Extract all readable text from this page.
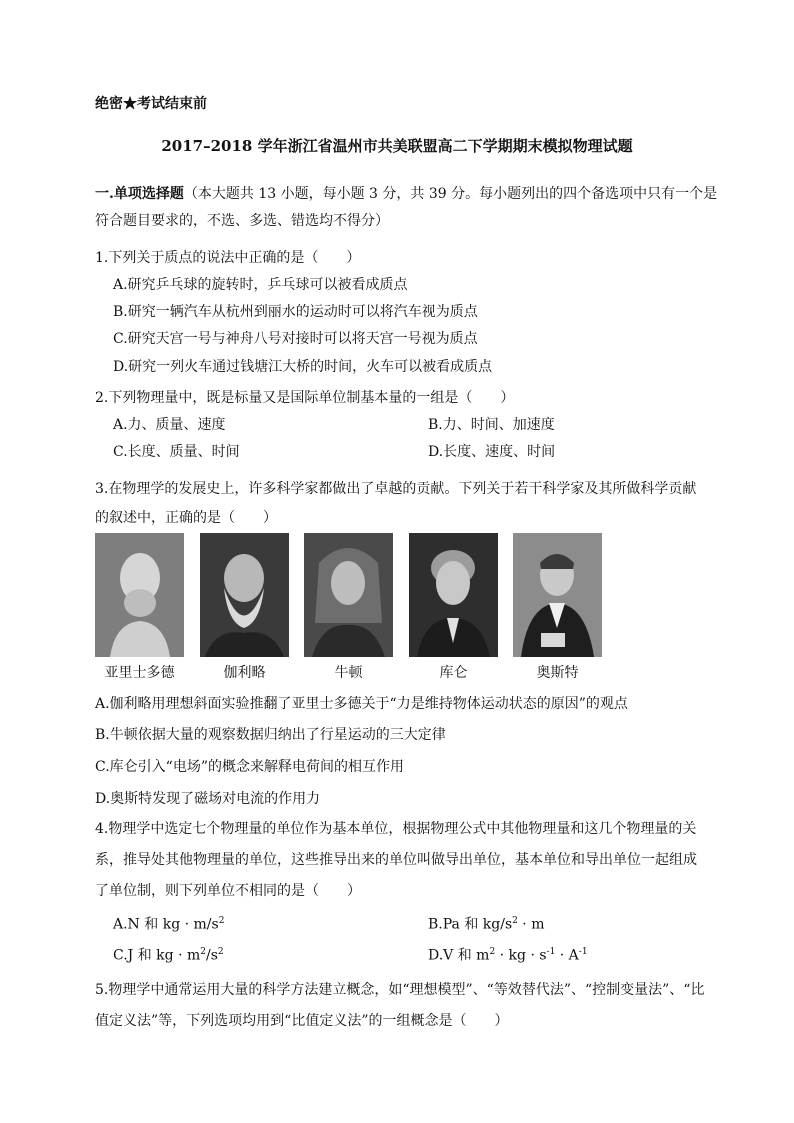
绝密★考试结束前
2017–2018 学年浙江省温州市共美联盟高二下学期期末模拟物理试题
一.单项选择题（本大题共 13 小题，每小题 3 分，共 39 分。每小题列出的四个备选项中只有一个是
符合题目要求的，不选、多选、错选均不得分）
1.下列关于质点的说法中正确的是（　　）
A.研究乒乓球的旋转时，乒乓球可以被看成质点
B.研究一辆汽车从杭州到丽水的运动时可以将汽车视为质点
C.研究天宫一号与神舟八号对接时可以将天宫一号视为质点
D.研究一列火车通过钱塘江大桥的时间，火车可以被看成质点
2.下列物理量中，既是标量又是国际单位制基本量的一组是（　　）
A.力、质量、速度	B.力、时间、加速度
C.长度、质量、时间	D.长度、速度、时间
3.在物理学的发展史上，许多科学家都做出了卓越的贡献。下列关于若干科学家及其所做科学贡献
的叙述中，正确的是（　　）
亚里士多德	伽利略	牛顿	库仑	奥斯特
A.伽利略用理想斜面实验推翻了亚里士多德关于“力是维持物体运动状态的原因”的观点
B.牛顿依据大量的观察数据归纳出了行星运动的三大定律
C.库仑引入“电场”的概念来解释电荷间的相互作用
D.奥斯特发现了磁场对电流的作用力
4.物理学中选定七个物理量的单位作为基本单位，根据物理公式中其他物理量和这几个物理量的关
系，推导处其他物理量的单位，这些推导出来的单位叫做导出单位，基本单位和导出单位一起组成
了单位制，则下列单位不相同的是（　　）
A.N 和 kg · $m/s^2$	B.Pa 和 $kg/s^2 \cdot m$
C.J 和 kg · $m^2/s^2$	D.V 和 $m^2$ · kg · $s^{-1} \cdot A^{-1}$
5.物理学中通常运用大量的科学方法建立概念，如“理想模型”、“等效替代法”、“控制变量法”、“比
值定义法”等，下列选项均用到“比值定义法”的一组概念是（　　）
